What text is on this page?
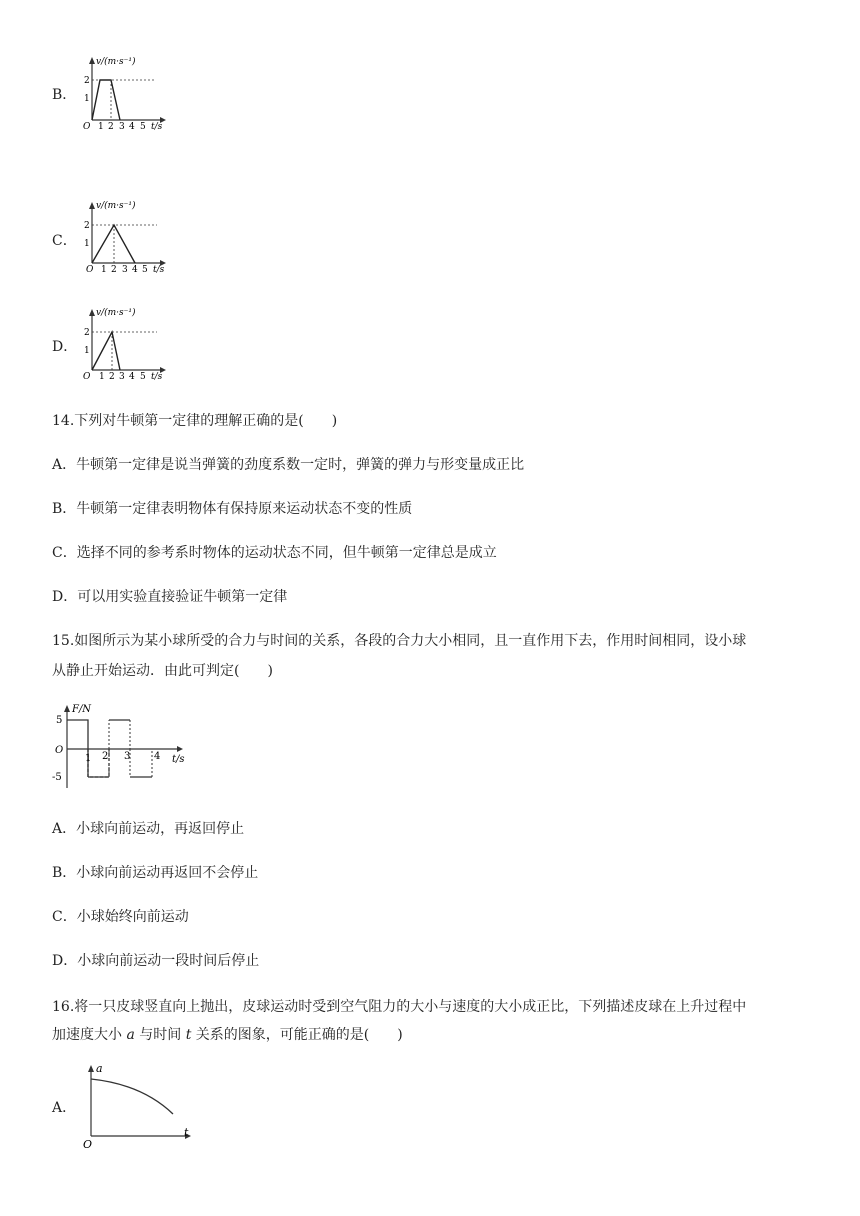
B．
v/(m·s⁻¹)
2
1
O 1 2 3 4 5 t/s
C．
v/(m·s⁻¹)
2
1
O 1 2 3 4 5 t/s
D．
v/(m·s⁻¹)
2
1
O 1 2 3 4 5 t/s
14.下列对牛顿第一定律的理解正确的是(　　)
A．牛顿第一定律是说当弹簧的劲度系数一定时，弹簧的弹力与形变量成正比
B．牛顿第一定律表明物体有保持原来运动状态不变的性质
C．选择不同的参考系时物体的运动状态不同，但牛顿第一定律总是成立
D．可以用实验直接验证牛顿第一定律
15.如图所示为某小球所受的合力与时间的关系，各段的合力大小相同，且一直作用下去，作用时间相同，设小球
从静止开始运动．由此可判定(　　)
F/N
5
-5
O
1 2 3 4 t/s
A．小球向前运动，再返回停止
B．小球向前运动再返回不会停止
C．小球始终向前运动
D．小球向前运动一段时间后停止
16.将一只皮球竖直向上抛出，皮球运动时受到空气阻力的大小与速度的大小成正比，下列描述皮球在上升过程中
加速度大小 a 与时间 t 关系的图象，可能正确的是(　　)
A．
a
O
t
